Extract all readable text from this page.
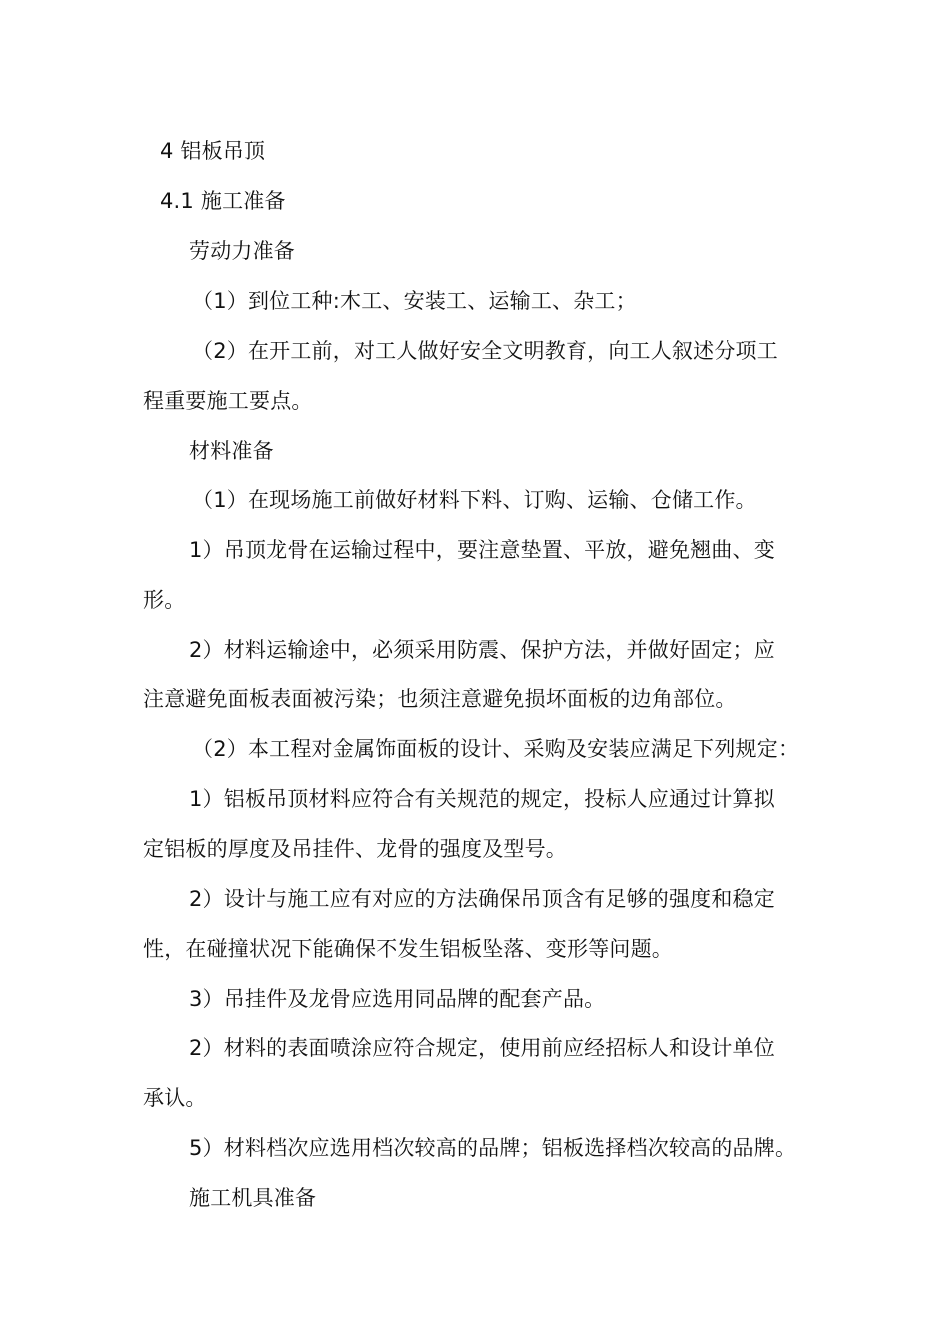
4 铝板吊顶
4.1 施工准备
劳动力准备
（1）到位工种:木工、安装工、运输工、杂工；
（2）在开工前，对工人做好安全文明教育，向工人叙述分项工
程重要施工要点。
材料准备
（1）在现场施工前做好材料下料、订购、运输、仓储工作。
1）吊顶龙骨在运输过程中，要注意垫置、平放，避免翘曲、变
形。
2）材料运输途中，必须采用防震、保护方法，并做好固定；应
注意避免面板表面被污染；也须注意避免损坏面板的边角部位。
（2）本工程对金属饰面板的设计、采购及安装应满足下列规定：
1）铝板吊顶材料应符合有关规范的规定，投标人应通过计算拟
定铝板的厚度及吊挂件、龙骨的强度及型号。
2）设计与施工应有对应的方法确保吊顶含有足够的强度和稳定
性，在碰撞状况下能确保不发生铝板坠落、变形等问题。
3）吊挂件及龙骨应选用同品牌的配套产品。
2）材料的表面喷涂应符合规定，使用前应经招标人和设计单位
承认。
5）材料档次应选用档次较高的品牌；铝板选择档次较高的品牌。
施工机具准备
